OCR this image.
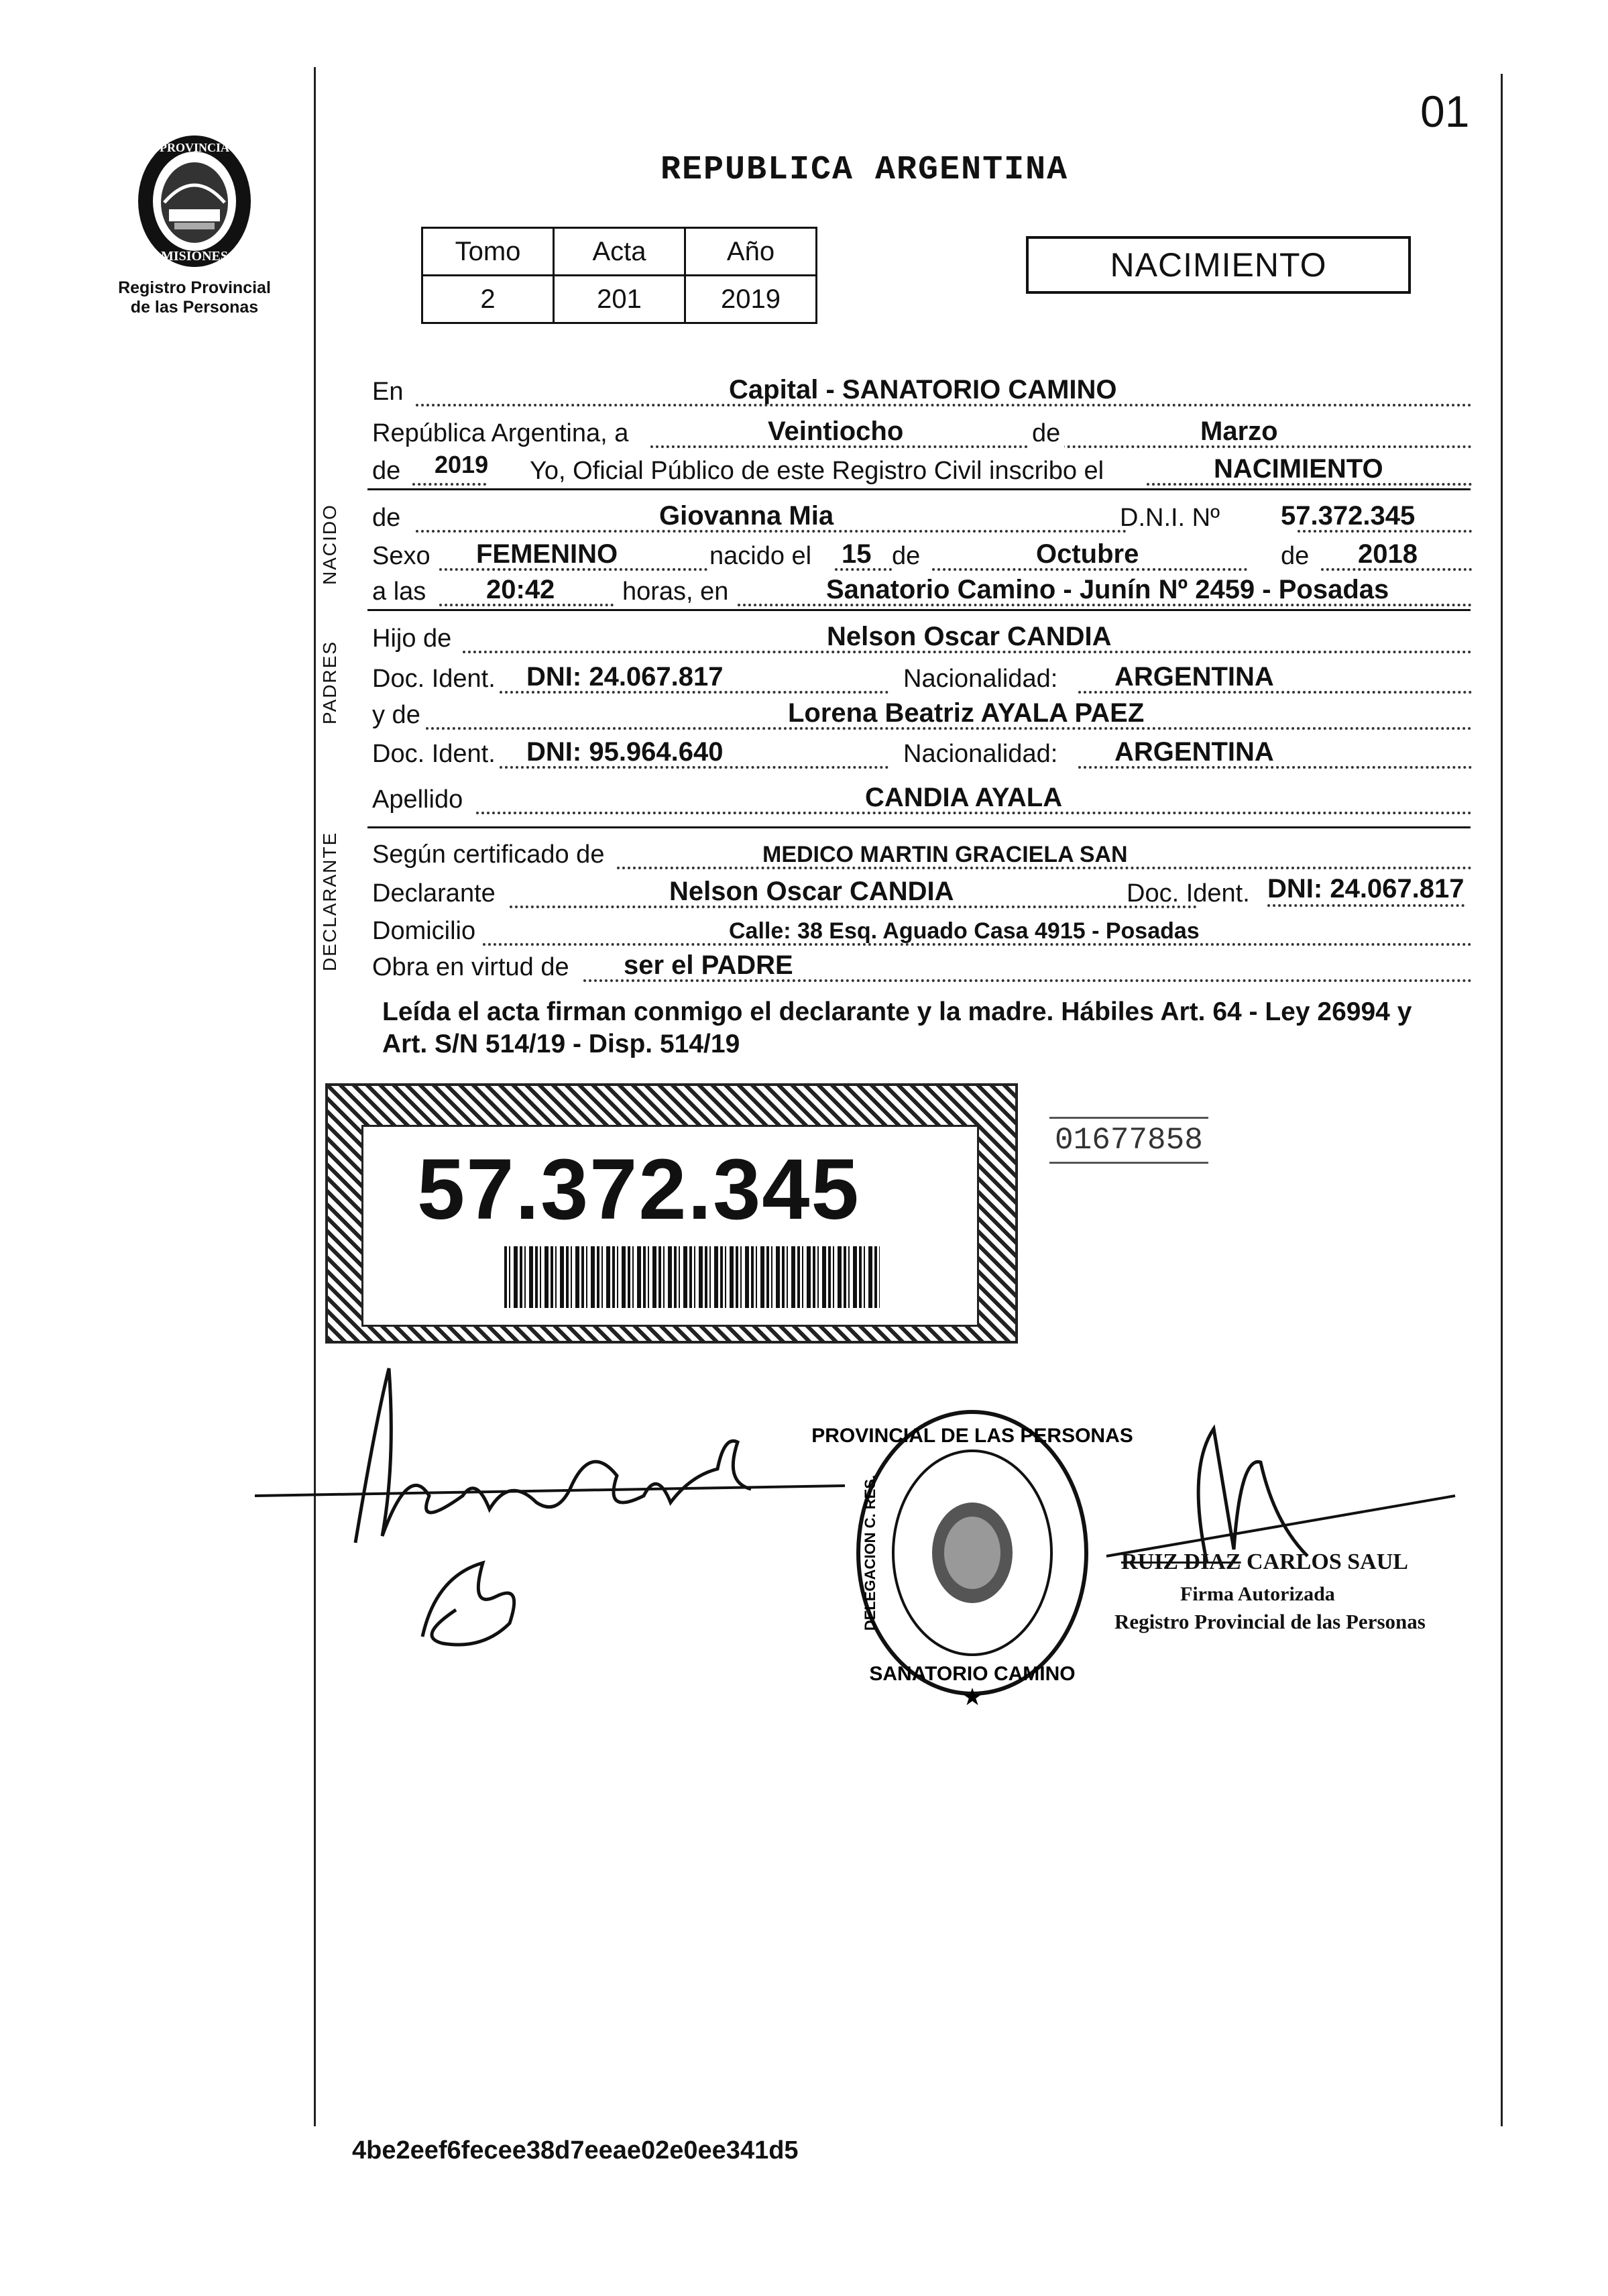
01
PROVINCIA
MISIONES
Registro Provincial
de las Personas
REPUBLICA ARGENTINA
Tomo	Acta	Año
2	201	2019
NACIMIENTO
En	Capital - SANATORIO CAMINO
República Argentina, a	Veintiocho	de	Marzo
de 2019 Yo, Oficial Público de este Registro Civil inscribo el	NACIMIENTO
NACIDO de	Giovanna Mia	D.N.I. Nº 57.372.345
Sexo FEMENINO	nacido el 15 de	Octubre	de 2018
a las 20:42	horas, en	Sanatorio Camino - Junín Nº 2459 - Posadas
PADRES
Hijo de	Nelson Oscar CANDIA
Doc. Ident. DNI: 24.067.817	Nacionalidad: ARGENTINA
y de	Lorena Beatriz AYALA PAEZ
Doc. Ident. DNI: 95.964.640	Nacionalidad: ARGENTINA
Apellido	CANDIA AYALA
DECLARANTE Según certificado de	MEDICO MARTIN GRACIELA SAN
Declarante	Nelson Oscar CANDIA	Doc. Ident. DNI: 24.067.817
Domicilio	Calle: 38 Esq. Aguado Casa 4915 - Posadas
Obra en virtud de ser el PADRE
Leída el acta firman conmigo el declarante y la madre. Hábiles Art. 64 - Ley 26994 y Art. S/N 514/19 - Disp. 514/19
57.372.345
01677858
PROVINCIAL DE LAS PERSONAS
SANATORIO CAMINO
DELEGACION C. RES.
★
RUIZ DIAZ CARLOS SAUL
Firma Autorizada
Registro Provincial de las Personas
4be2eef6fecee38d7eeae02e0ee341d5
